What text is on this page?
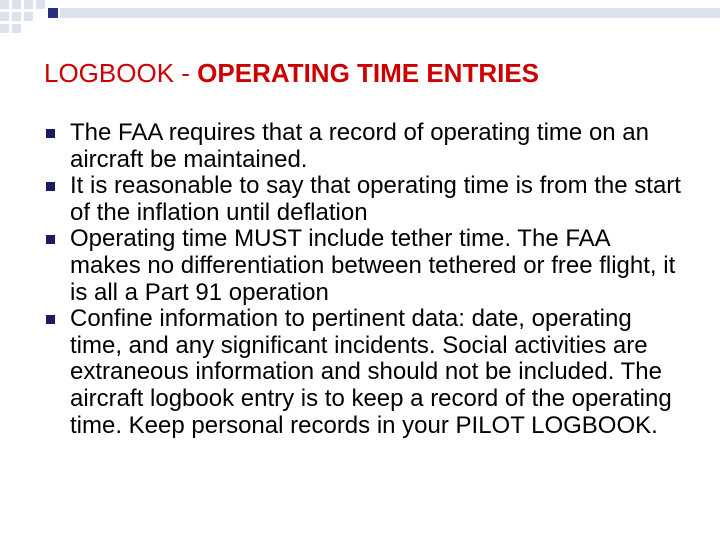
LOGBOOK - OPERATING TIME ENTRIES
The FAA requires that a record of operating time on an aircraft be maintained.
It is reasonable to say that operating time is from the start of the inflation until deflation
Operating time MUST include tether time. The FAA makes no differentiation between tethered or free flight, it is all a Part 91 operation
Confine information to pertinent data: date, operating time, and any significant incidents. Social activities are extraneous information and should not be included. The aircraft logbook entry is to keep a record of the operating time. Keep personal records in your PILOT LOGBOOK.
